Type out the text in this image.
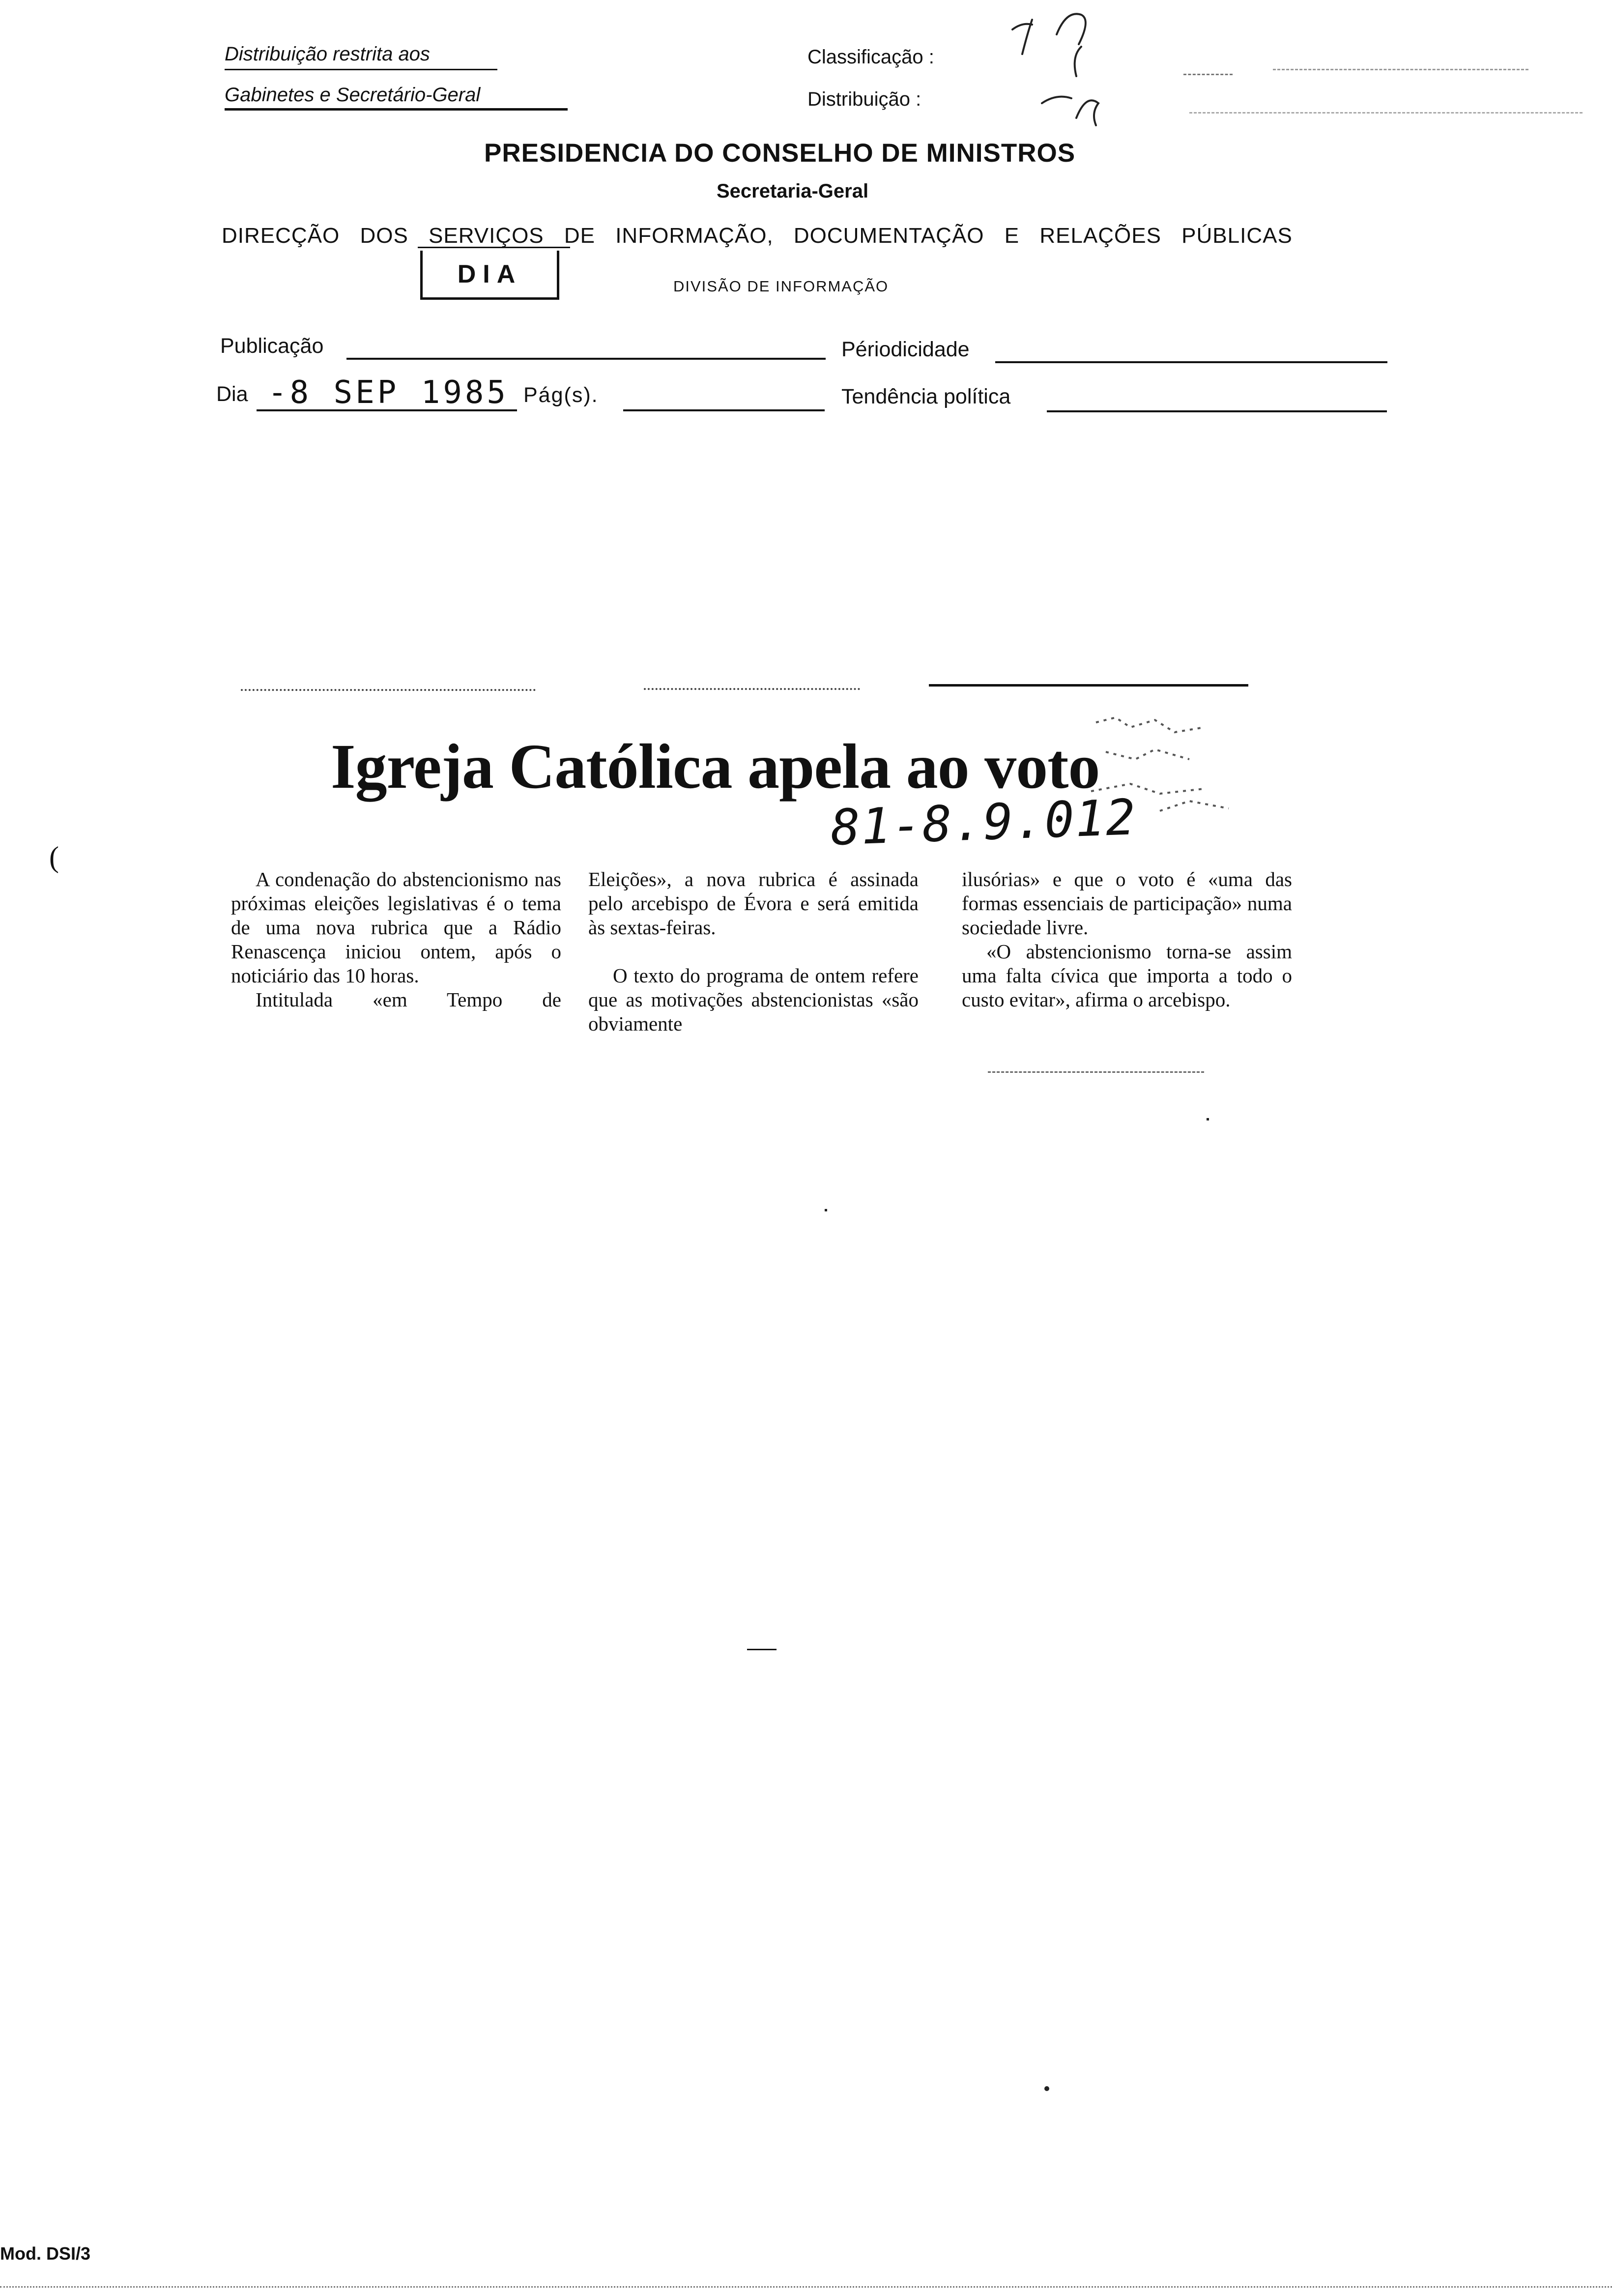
Distribuição restrita aos
Gabinetes e Secretário-Geral
Classificação :
Distribuição :
PRESIDENCIA DO CONSELHO DE MINISTROS
Secretaria-Geral
DIRECÇÃO DOS SERVIÇOS DE INFORMAÇÃO, DOCUMENTAÇÃO E RELAÇÕES PÚBLICAS
DIA	DIVISÃO DE INFORMAÇÃO
Publicação	Périodicidade
Dia -8 SEP 1985 Pág(s).	Tendência política
Igreja Católica apela ao voto
81-8.9.012

A condenação do abstencionismo nas próximas eleições legislativas é o tema de uma nova rubrica que a Rádio Renascença iniciou ontem, após o noticiário das 10 horas.

Intitulada «em Tempo de

Eleições», a nova rubrica é assinada pelo arcebispo de Évora e será emitida às sextas-feiras.

O texto do programa de ontem refere que as motivações abstencionistas «são obviamente

ilusórias» e que o voto é «uma das formas essenciais de participação» numa sociedade livre.

«O abstencionismo torna-se assim uma falta cívica que importa a todo o custo evitar», afirma o arcebispo.

(
Mod. DSI/3
